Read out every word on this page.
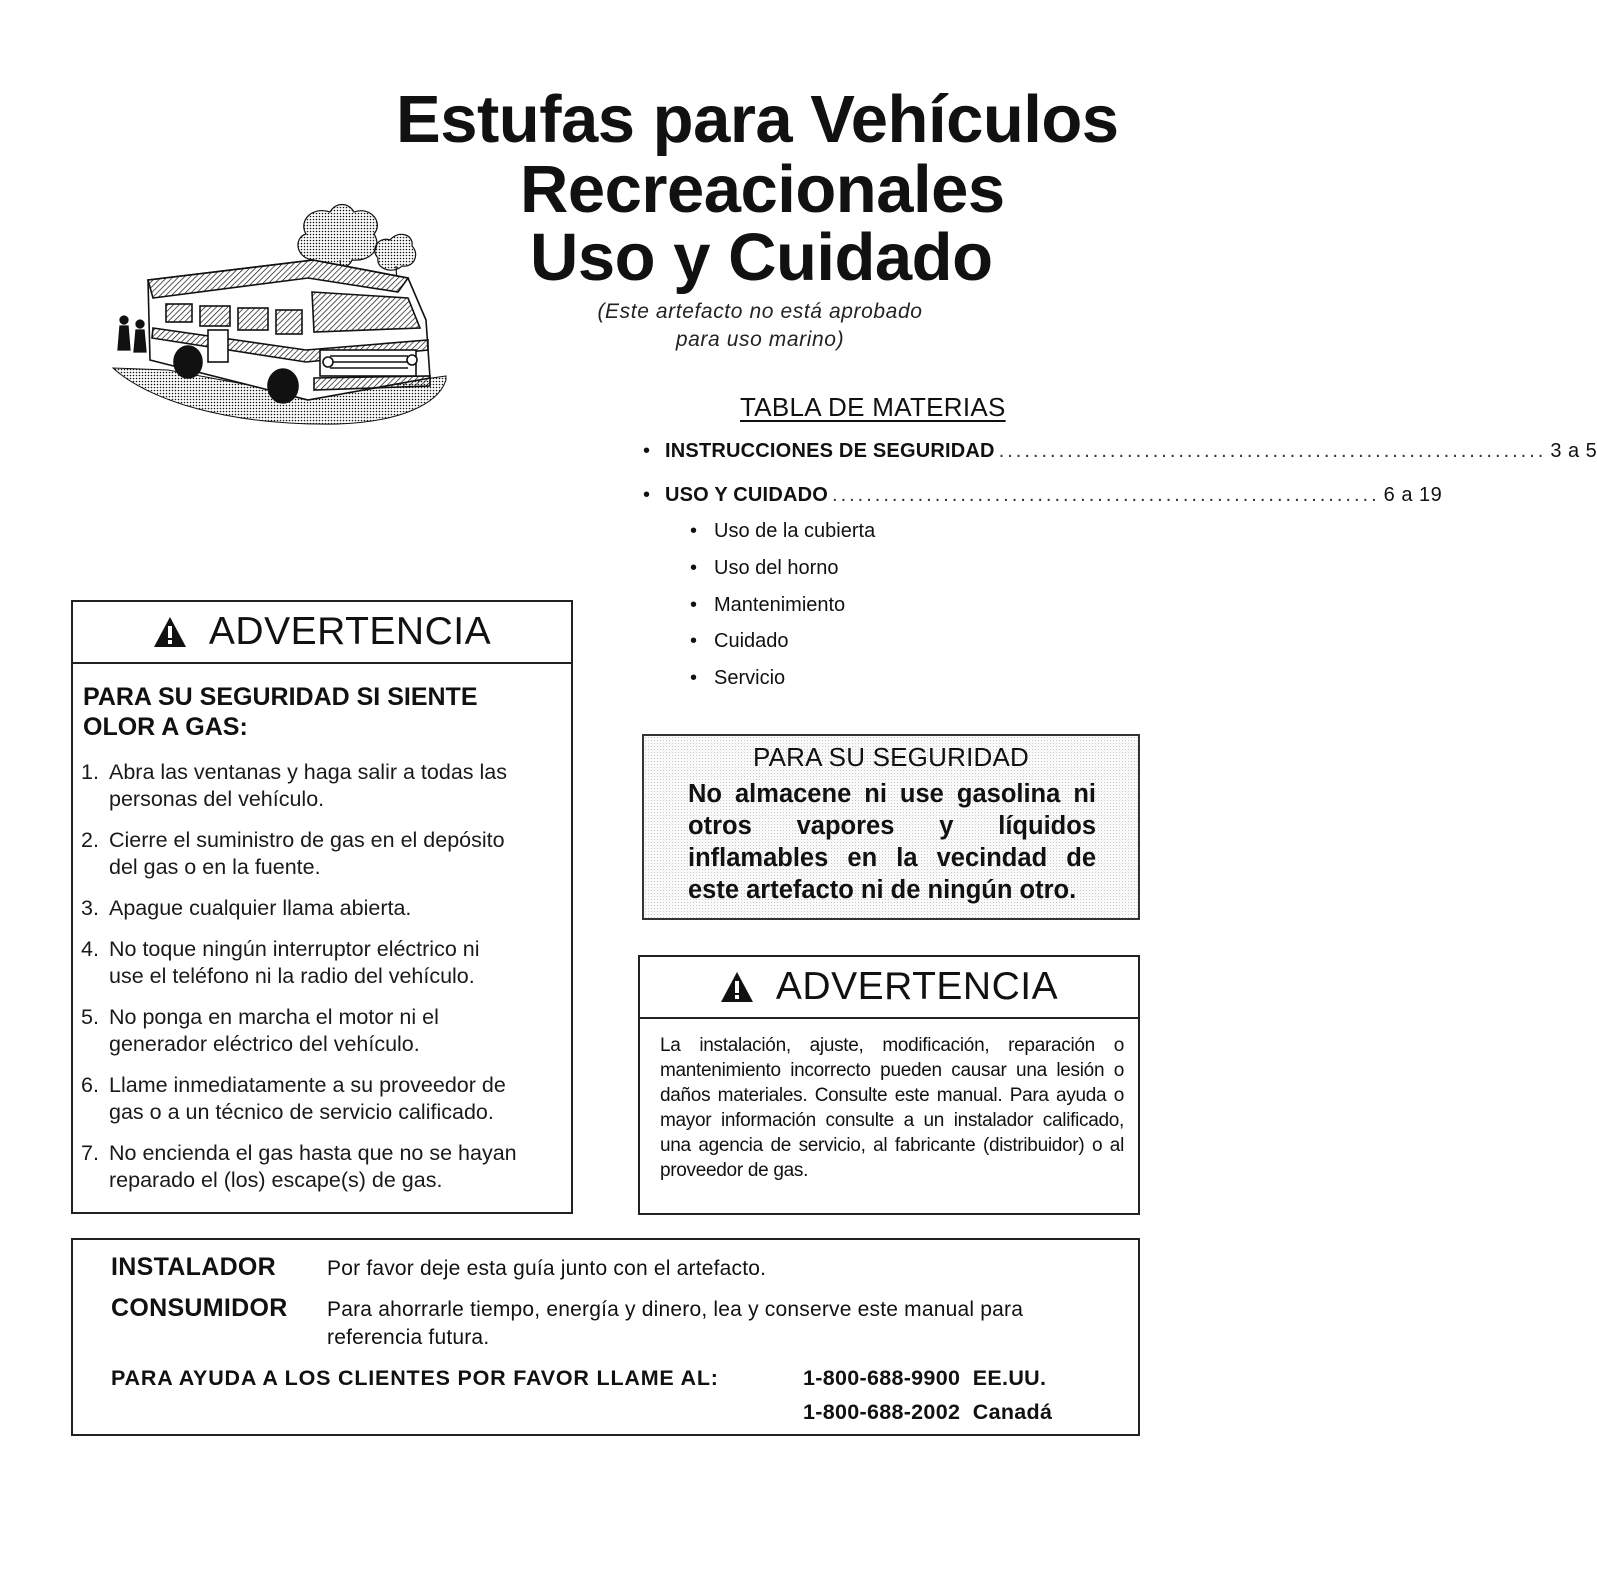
Estufas para Vehículos
Recreacionales
Uso y Cuidado
(Este artefacto no está aprobado
para uso marino)
TABLA DE MATERIAS
• INSTRUCCIONES DE SEGURIDAD ................................................................ 3 a 5
• USO Y CUIDADO ................................................................ 6 a 19
• Uso de la cubierta
• Uso del horno
• Mantenimiento
• Cuidado
• Servicio
ADVERTENCIA
PARA SU SEGURIDAD SI SIENTE
OLOR A GAS:
1. Abra las ventanas y haga salir a todas las
personas del vehículo.
2. Cierre el suministro de gas en el depósito
del gas o en la fuente.
3. Apague cualquier llama abierta.
4. No toque ningún interruptor eléctrico ni
use el teléfono ni la radio del vehículo.
5. No ponga en marcha el motor ni el
generador eléctrico del vehículo.
6. Llame inmediatamente a su proveedor de
gas o a un técnico de servicio calificado.
7. No encienda el gas hasta que no se hayan
reparado el (los) escape(s) de gas.
PARA SU SEGURIDAD
No almacene ni use gasolina ni otros vapores y líquidos inflamables en la vecindad de este artefacto ni de ningún otro.
ADVERTENCIA
La instalación, ajuste, modificación, reparación o mantenimiento incorrecto pueden causar una lesión o daños materiales. Consulte este manual. Para ayuda o mayor información consulte a un instalador calificado, una agencia de servicio, al fabricante (distribuidor) o al proveedor de gas.
INSTALADOR Por favor deje esta guía junto con el artefacto.
CONSUMIDOR Para ahorrarle tiempo, energía y dinero, lea y conserve este manual para
referencia futura.
PARA AYUDA A LOS CLIENTES POR FAVOR LLAME AL:	1-800-688-9900 EE.UU.
1-800-688-2002 Canadá
